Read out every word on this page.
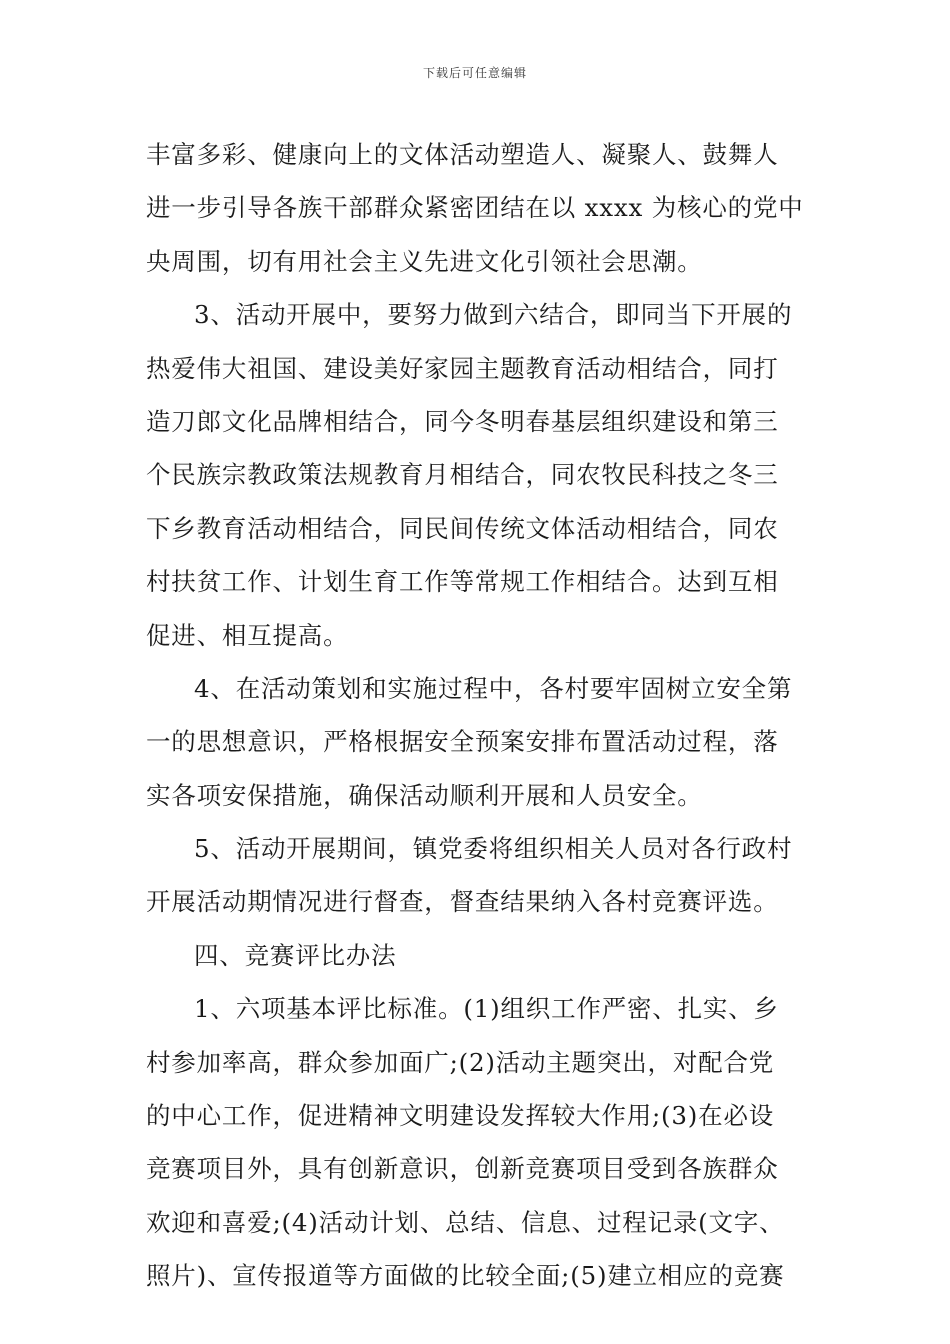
下载后可任意编辑
丰富多彩、健康向上的文体活动塑造人、凝聚人、鼓舞人
进一步引导各族干部群众紧密团结在以 xxxx 为核心的党中
央周围，切有用社会主义先进文化引领社会思潮。
3、活动开展中，要努力做到六结合，即同当下开展的
热爱伟大祖国、建设美好家园主题教育活动相结合，同打
造刀郎文化品牌相结合，同今冬明春基层组织建设和第三
个民族宗教政策法规教育月相结合，同农牧民科技之冬三
下乡教育活动相结合，同民间传统文体活动相结合，同农
村扶贫工作、计划生育工作等常规工作相结合。达到互相
促进、相互提高。
4、在活动策划和实施过程中，各村要牢固树立安全第
一的思想意识，严格根据安全预案安排布置活动过程，落
实各项安保措施，确保活动顺利开展和人员安全。
5、活动开展期间，镇党委将组织相关人员对各行政村
开展活动期情况进行督查，督查结果纳入各村竞赛评选。
四、竞赛评比办法
1、六项基本评比标准。(1)组织工作严密、扎实、乡
村参加率高，群众参加面广;(2)活动主题突出，对配合党
的中心工作，促进精神文明建设发挥较大作用;(3)在必设
竞赛项目外，具有创新意识，创新竞赛项目受到各族群众
欢迎和喜爱;(4)活动计划、总结、信息、过程记录(文字、
照片)、宣传报道等方面做的比较全面;(5)建立相应的竞赛
